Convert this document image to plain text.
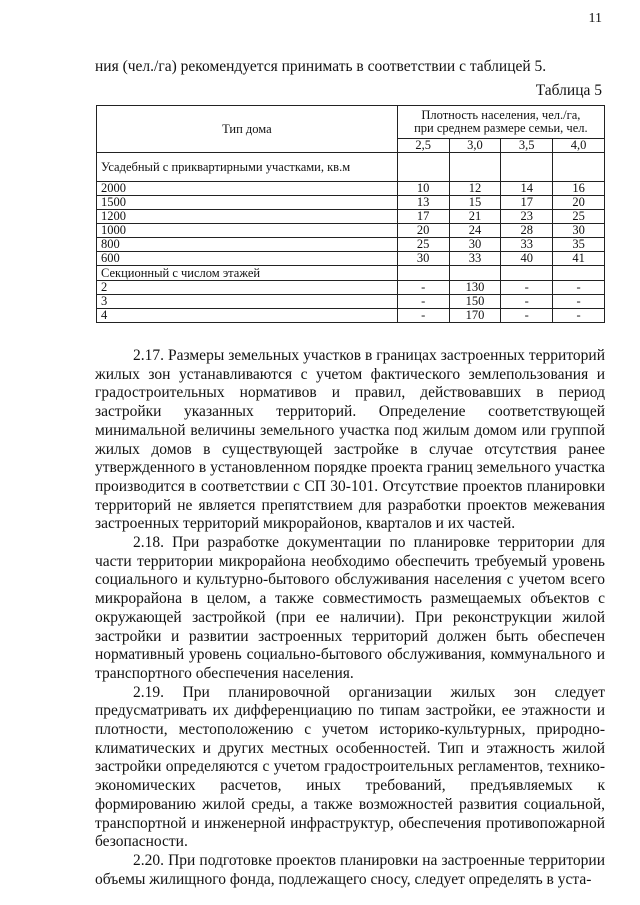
11
ния (чел./га) рекомендуется принимать в соответствии с таблицей 5.
Таблица 5
Тип дома	Плотность населения, чел./га,
при среднем размере семьи, чел.			
	2,5	3,0	3,5	4,0
Усадебный с приквартирными участками, кв.м				
2000	10	12	14	16
1500	13	15	17	20
1200	17	21	23	25
1000	20	24	28	30
800	25	30	33	35
600	30	33	40	41
Секционный с числом этажей				
2	-	130	-	-
3	-	150	-	-
4	-	170	-	-

2.17. Размеры земельных участков в границах застроенных территорий жилых зон устанавливаются с учетом фактического землепользования и градостроительных нормативов и правил, действовавших в период застройки указанных территорий. Определение соответствующей минимальной величины земельного участка под жилым домом или группой жилых домов в существующей застройке в случае отсутствия ранее утвержденного в установленном порядке проекта границ земельного участка производится в соответствии с СП 30-101. Отсутствие проектов планировки территорий не является препятствием для разработки проектов межевания застроенных территорий микрорайонов, кварталов и их частей.

2.18. При разработке документации по планировке территории для части территории микрорайона необходимо обеспечить требуемый уровень социального и культурно-бытового обслуживания населения с учетом всего микрорайона в целом, а также совместимость размещаемых объектов с окружающей застройкой (при ее наличии). При реконструкции жилой застройки и развитии застроенных территорий должен быть обеспечен нормативный уровень социально-бытового обслуживания, коммунального и транспортного обеспечения населения.

2.19. При планировочной организации жилых зон следует предусматривать их дифференциацию по типам застройки, ее этажности и плотности, местоположению с учетом историко-культурных, природно-климатических и других местных особенностей. Тип и этажность жилой застройки определяются с учетом градостроительных регламентов, технико-экономических расчетов, иных требований, предъявляемых к формированию жилой среды, а также возможностей развития социальной, транспортной и инженерной инфраструктур, обеспечения противопожарной безопасности.

2.20. При подготовке проектов планировки на застроенные территории объемы жилищного фонда, подлежащего сносу, следует определять в уста-
